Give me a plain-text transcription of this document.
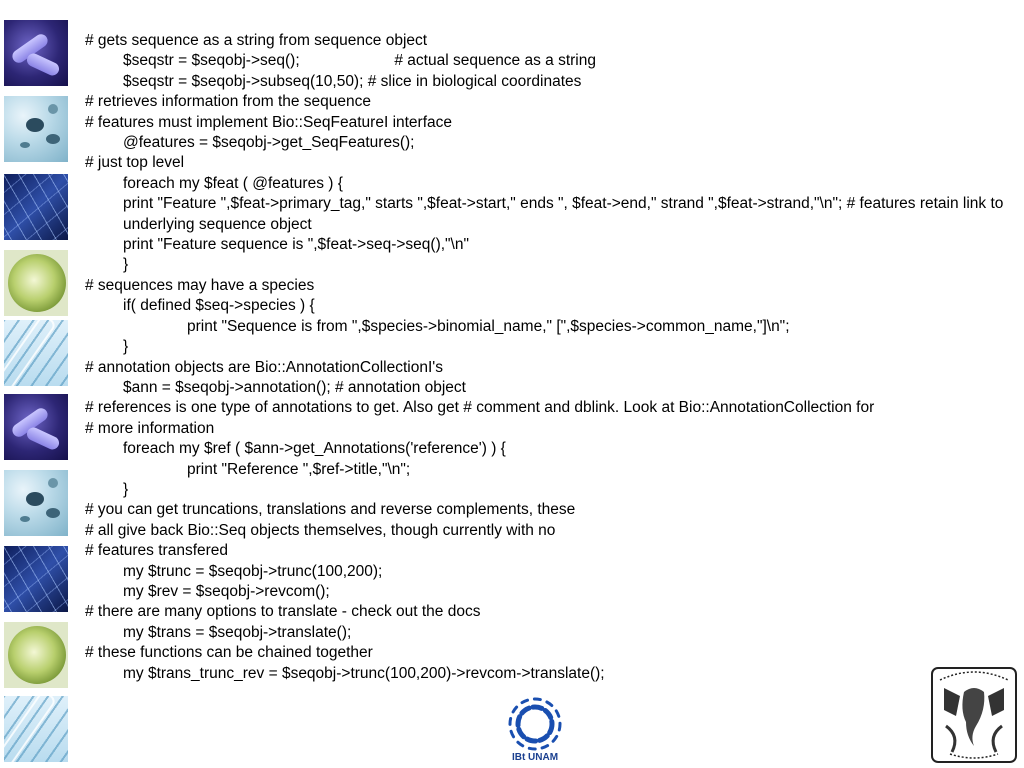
# gets sequence as a string from sequence object
$seqstr = $seqobj->seq();                      # actual sequence as a string
$seqstr = $seqobj->subseq(10,50); # slice in biological coordinates
# retrieves information from the sequence
# features must implement Bio::SeqFeatureI interface
@features = $seqobj->get_SeqFeatures();
# just top level
foreach my $feat ( @features ) {
print "Feature ",$feat->primary_tag," starts ",$feat->start," ends ", $feat->end," strand ",$feat->strand,"\n"; # features retain link to underlying sequence object
print "Feature sequence is ",$feat->seq->seq(),"\n"
}
# sequences may have a species
if( defined $seq->species ) {
print "Sequence is from ",$species->binomial_name," [",$species->common_name,"]\n";
}
# annotation objects are Bio::AnnotationCollectionI's
$ann = $seqobj->annotation(); # annotation object
# references is one type of annotations to get. Also get # comment and dblink. Look at Bio::AnnotationCollection for
# more information
foreach my $ref ( $ann->get_Annotations('reference') ) {
print "Reference ",$ref->title,"\n";
}
# you can get truncations, translations and reverse complements, these
# all give back Bio::Seq objects themselves, though currently with no
# features transfered
my $trunc = $seqobj->trunc(100,200);
my $rev = $seqobj->revcom();
# there are many options to translate - check out the docs
my $trans = $seqobj->translate();
# these functions can be chained together
my $trans_trunc_rev = $seqobj->trunc(100,200)->revcom->translate();
IBt UNAM
